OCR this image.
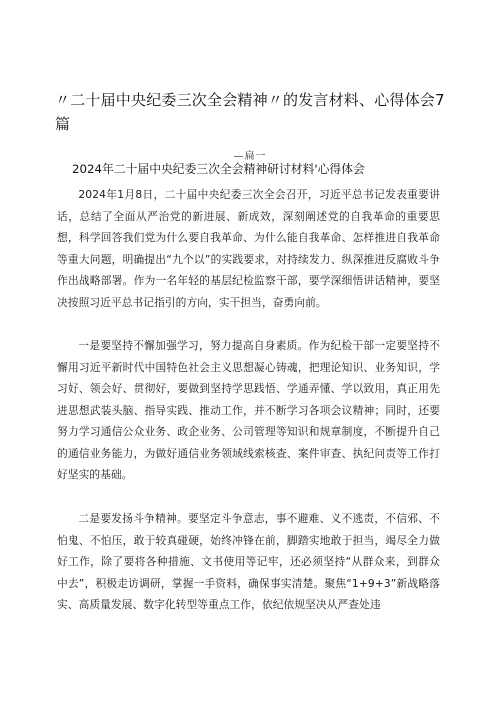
〃二十届中央纪委三次全会精神〃的发言材料、心得体会7篇
—扁一
2024年二十届中央纪委三次全会精神研讨材料'心得体会

2024年1月8日，二十届中央纪委三次全会召开，习近平总书记发表重要讲话，总结了全面从严治党的新进展、新成效，深刻阐述党的自我革命的重要思想，科学回答我们党为什么要自我革命、为什么能自我革命、怎样推进自我革命等重大问题，明确提出“九个以”的实践要求，对持续发力、纵深推进反腐败斗争作出战略部署。作为一名年轻的基层纪检监察干部，要学深细悟讲话精神，要坚决按照习近平总书记指引的方向，实干担当，奋勇向前。

一是要坚持不懈加强学习，努力提高自身素质。作为纪检干部一定要坚持不懈用习近平新时代中国特色社会主义思想凝心铸魂，把理论知识、业务知识，学习好、领会好、贯彻好，要做到坚持学思践悟、学通弄懂、学以致用，真正用先进思想武装头脑、指导实践、推动工作，并不断学习各项会议精神；同时，还要努力学习通信公众业务、政企业务、公司管理等知识和规章制度，不断提升自己的通信业务能力，为做好通信业务领域线索核查、案件审查、执纪问责等工作打好坚实的基础。

二是要发扬斗争精神。要坚定斗争意志，事不避难、义不逃责，不信邪、不怕鬼、不怕压，敢于较真碰硬，始终冲锋在前，脚踏实地敢于担当，竭尽全力做好工作，除了要将各种措施、文书使用等记牢，还必须坚持“从群众来，到群众中去”，积极走访调研，掌握一手资料，确保事实清楚。聚焦“1+9+3”新战略落实、高质量发展、数字化转型等重点工作，依纪依规坚决从严查处违
